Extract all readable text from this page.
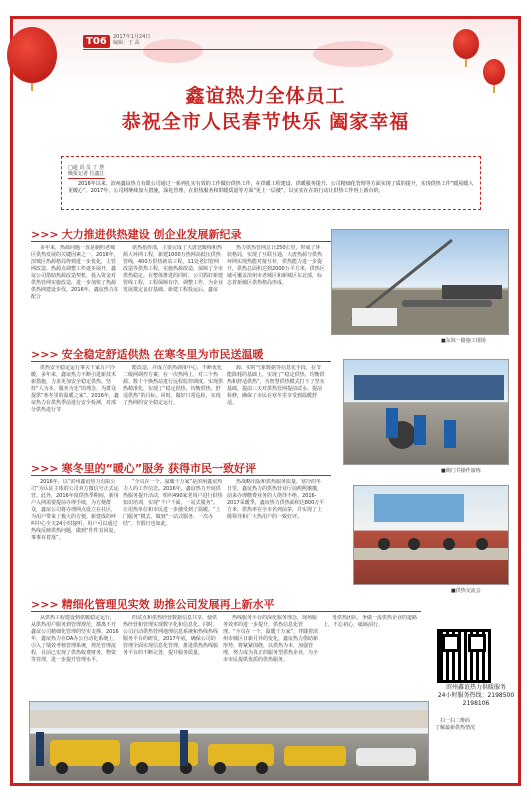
T06	2017年1月24日
编辑：王 高
鑫谊热力全体员工
恭祝全市人民春节快乐 阖家幸福
□通 讯 员 丁 慧
晚报记者 位鑫江
2016年以来，滨州鑫谊热力有限公司通过一系列扎实有效的工作做好供热工作，在供暖工程建设、供暖服务提升、公司精细化管理等方面实现了质的提升，实现供热工作“暖屋暖人更暖心”。2017年，公司将继续加大措施，深化管理，在供热服务和供暖质量等方面“更上一层楼”，以实实在在的行动让供热工作再上新台阶。
>>> 大力推进供热建设 创企业发展新纪录
多年来，热源问题一直是制约老城区供热发展的关键因素之一。2016年，滨城区热源格局得到进一步优化，主管网改造、热源点调整工作逐步展开，鑫谊公司借助热源改造契机，投入资金对供热管网实施改造，进一步加快了热源供热网建设步伐。2016年，鑫谊热力在配合
供热指挥部，主要完成了大唐送暖线和热源大环网工程，新建1000万热网高低压供热管线，400万供热新站工程，11处老旧管网改造等供热工程，实施热源改造，保障了全市供热稳定。在整体推进的同时，公司抓好新建管线工程，工程保障有序，调整工作，为企业发展奠定良好基础。新建工程投运后，鑫谊
热力供热管网总计250公里，形成了环状格局，实现了互联互通，大唐热源与供热环网实现热能对接互补，供热能力进一步提升，供热总面积达到2000万平方米，供热区域可覆盖滨州市老城区和新城区东北部，标志着新城区供热格局形成。
■东海一路施工现场
>>> 安全稳定舒适供热 在寒冬里为市民送温暖
供热安全稳定运行事关千家万户冷暖，多年来，鑫谊热力不断引进新技术新措施，力求更加安全稳定供热。坚持“人为本，服务为先”的理念，为群众提供“寒冬里的温暖之家”。2016年，鑫谊热力在供热季前进行安全检测，对部分供热进行节
能改造，并成立供热调度中心，不断优化二级网调控方案，在一次热网上，对三个热源、数十个换热站进行远程监控调度，实现供热精准化，实现了“稳定供热，均衡供热，舒适供热”的目标。同时，做好日常巡检，实现了热网的安全稳定运行。
源，实时气象数据等信息化手段，在节能降耗的基础上，实现了“稳定供热、均衡供热和舒适供热”，为智慧供热模式打下了坚实基础。提前三天对供热管网提前试水、提前检修，确保了市民在寒冬里享受到温暖舒适。
■阀门井操作演练
>>> 寒冬里的“暖心”服务 获得市民一致好评
2016年，以“滨州鑫谊热力有限公司”为认证主体的公司双方微信号正式运营。此外，2016年度供热季期间，新用户入网需要提前办理手续，为方便群众，鑫谊公司将办理网点设立在社区，为用户带来了极大的方便。新建成的呼叫中心全天24小时接听，用户可以通过热线反映供热问题，做到“件件有回复，事事有着落”。
“全员在一个、温暖千万家”是滨州鑫谊热力人的工作信念。2016年，鑫谊热力开展供热服务提升活动，组织490家老用户进行供热知识培训，实现“千户千面，一站式服务”。让用热单位和市民进一步感受到了温暖。“上门服务”模式，做到“一站式服务、一次办结”，节假日也如此。
热战略出版和供热服务质量。寒冷的冬日里，鑫谊热力的供热营业厅前熙熙攘攘，前来办理缴费业务的人络绎不绝。2016-2017采暖季，鑫谊热力供热面积达800万平方米，供热率在全市名列前茅，并实现了上级领导和广大热用户的一致好评。
■供热交流会
>>> 精细化管理见实效 助推公司发展再上新水平
从供热工程建设到供暖稳定运行，从供热用户服务到管理规范，都离不开鑫谊公司精细化管理的坚实支撑。2016年，鑫谊热力在OA办公自动化系统上，引入了绩效考核管理系统，规范管理流程，目前已实现了供热收费财务、物资等管理，进一步提升管理水平。
的试点和供热经营数据信息共享，使供热经营和管理实现数字化和信息化。同时，公司启动供热营网地理信息系统和热线热线服务平台的研发，2017年底，确保公司的管理全面实现信息化管理，推进供热热线服务平台的不断完善，提升服务质量。
热线服务平台的深化服务理念，现场服务效率的进一步提升，供热信息化管理。“全员在一个、温暖千万家”，伴随着滨州市城区日新月异的变化，鑫谊热力借助新形势，将紧紧围绕，以供热为本，加强管理，努力成为真正的服务型供热企业，为全市市民提供优质的供热服务。
务供热团队，争做一流供热企业的道路上，不忘初心，砥砺前行。
滨州鑫谊热力供暖服务
24小时服务热线：2198500
2198106
扫一扫二维码
了解最新供热情况
